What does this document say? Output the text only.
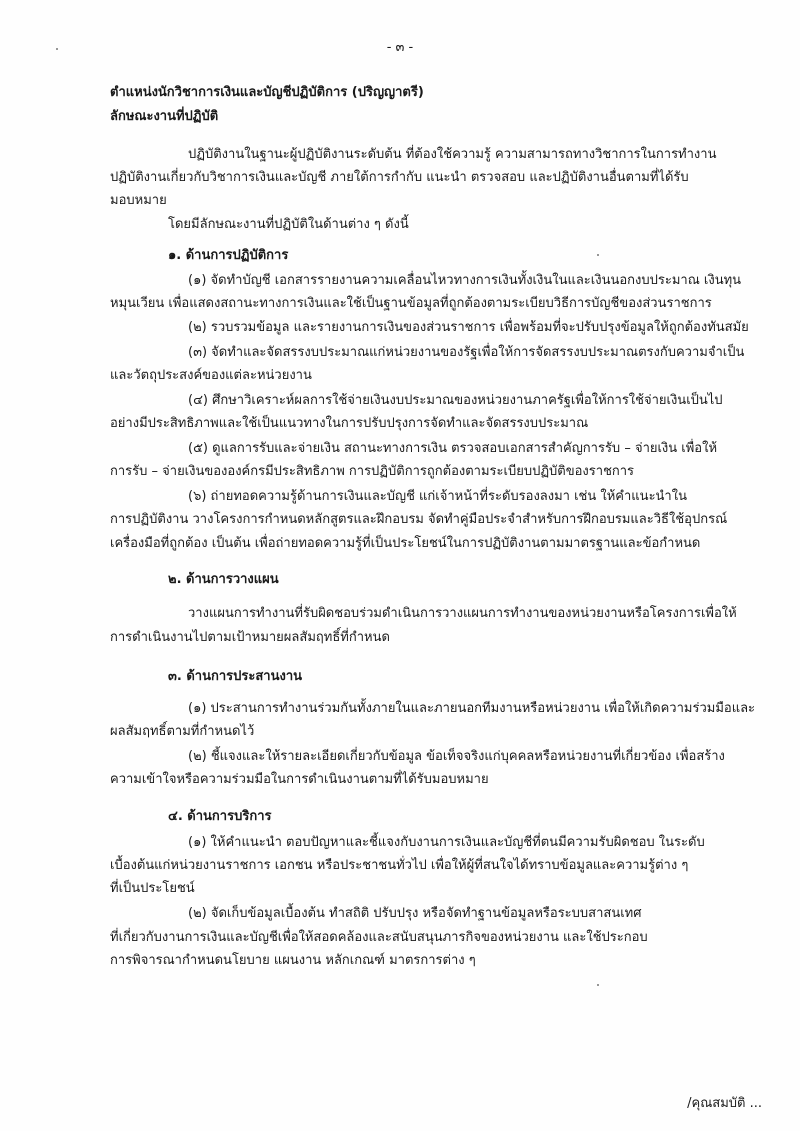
- ๓ -
ตำแหน่งนักวิชาการเงินและบัญชีปฏิบัติการ (ปริญญาตรี)
ลักษณะงานที่ปฏิบัติ
ปฏิบัติงานในฐานะผู้ปฏิบัติงานระดับต้น ที่ต้องใช้ความรู้ ความสามารถทางวิชาการในการทำงาน
ปฏิบัติงานเกี่ยวกับวิชาการเงินและบัญชี ภายใต้การกำกับ แนะนำ ตรวจสอบ และปฏิบัติงานอื่นตามที่ได้รับ
มอบหมาย
โดยมีลักษณะงานที่ปฏิบัติในด้านต่าง ๆ ดังนี้
๑. ด้านการปฏิบัติการ
(๑) จัดทำบัญชี เอกสารรายงานความเคลื่อนไหวทางการเงินทั้งเงินในและเงินนอกงบประมาณ เงินทุน
หมุนเวียน เพื่อแสดงสถานะทางการเงินและใช้เป็นฐานข้อมูลที่ถูกต้องตามระเบียบวิธีการบัญชีของส่วนราชการ
(๒) รวบรวมข้อมูล และรายงานการเงินของส่วนราชการ เพื่อพร้อมที่จะปรับปรุงข้อมูลให้ถูกต้องทันสมัย
(๓) จัดทำและจัดสรรงบประมาณแก่หน่วยงานของรัฐเพื่อให้การจัดสรรงบประมาณตรงกับความจำเป็น
และวัตถุประสงค์ของแต่ละหน่วยงาน
(๔) ศึกษาวิเคราะห์ผลการใช้จ่ายเงินงบประมาณของหน่วยงานภาครัฐเพื่อให้การใช้จ่ายเงินเป็นไป
อย่างมีประสิทธิภาพและใช้เป็นแนวทางในการปรับปรุงการจัดทำและจัดสรรงบประมาณ
(๕) ดูแลการรับและจ่ายเงิน สถานะทางการเงิน ตรวจสอบเอกสารสำคัญการรับ – จ่ายเงิน เพื่อให้
การรับ – จ่ายเงินขององค์กรมีประสิทธิภาพ การปฏิบัติการถูกต้องตามระเบียบปฏิบัติของราชการ
(๖) ถ่ายทอดความรู้ด้านการเงินและบัญชี แก่เจ้าหน้าที่ระดับรองลงมา เช่น ให้คำแนะนำใน
การปฏิบัติงาน วางโครงการกำหนดหลักสูตรและฝึกอบรม จัดทำคู่มือประจำสำหรับการฝึกอบรมและวิธีใช้อุปกรณ์
เครื่องมือที่ถูกต้อง เป็นต้น เพื่อถ่ายทอดความรู้ที่เป็นประโยชน์ในการปฏิบัติงานตามมาตรฐานและข้อกำหนด
๒. ด้านการวางแผน
วางแผนการทำงานที่รับผิดชอบร่วมดำเนินการวางแผนการทำงานของหน่วยงานหรือโครงการเพื่อให้
การดำเนินงานไปตามเป้าหมายผลสัมฤทธิ์ที่กำหนด
๓. ด้านการประสานงาน
(๑) ประสานการทำงานร่วมกันทั้งภายในและภายนอกทีมงานหรือหน่วยงาน เพื่อให้เกิดความร่วมมือและ
ผลสัมฤทธิ์ตามที่กำหนดไว้
(๒) ชี้แจงและให้รายละเอียดเกี่ยวกับข้อมูล ข้อเท็จจริงแก่บุคคลหรือหน่วยงานที่เกี่ยวข้อง เพื่อสร้าง
ความเข้าใจหรือความร่วมมือในการดำเนินงานตามที่ได้รับมอบหมาย
๔. ด้านการบริการ
(๑) ให้คำแนะนำ ตอบปัญหาและชี้แจงกับงานการเงินและบัญชีที่ตนมีความรับผิดชอบ ในระดับ
เบื้องต้นแก่หน่วยงานราชการ เอกชน หรือประชาชนทั่วไป เพื่อให้ผู้ที่สนใจได้ทราบข้อมูลและความรู้ต่าง ๆ
ที่เป็นประโยชน์
(๒) จัดเก็บข้อมูลเบื้องต้น ทำสถิติ ปรับปรุง หรือจัดทำฐานข้อมูลหรือระบบสาสนเทศ
ที่เกี่ยวกับงานการเงินและบัญชีเพื่อให้สอดคล้องและสนับสนุนภารกิจของหน่วยงาน และใช้ประกอบ
การพิจารณากำหนดนโยบาย แผนงาน หลักเกณฑ์ มาตรการต่าง ๆ
/คุณสมบัติ ...
